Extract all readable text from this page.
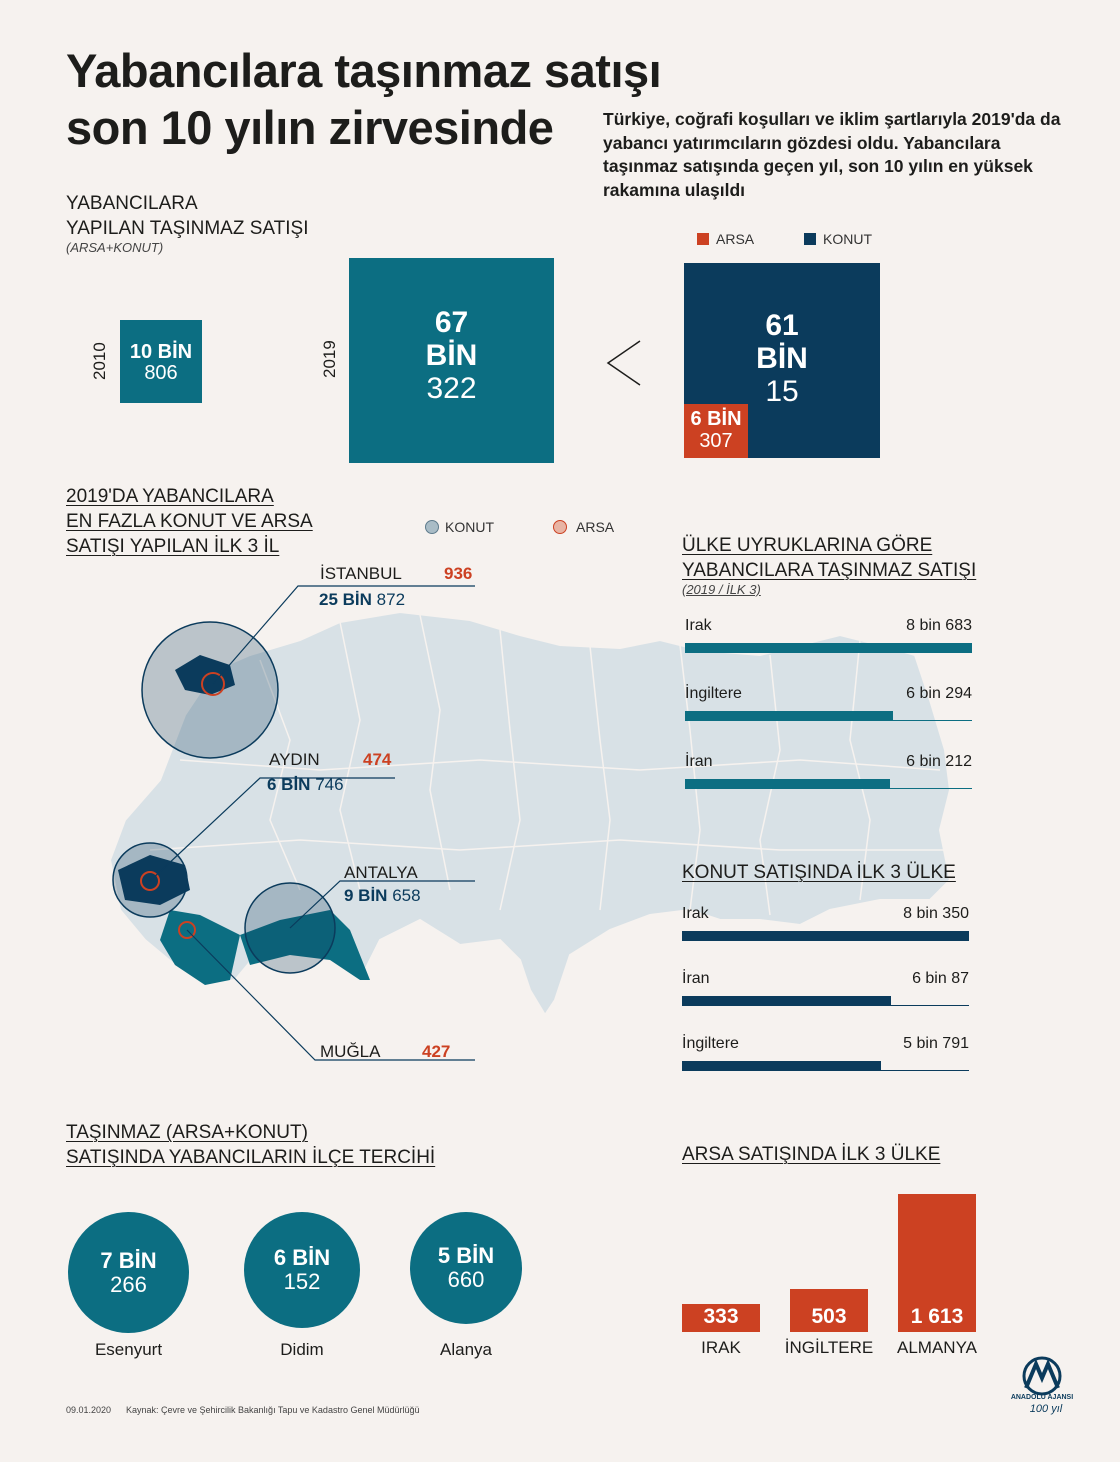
Yabancılara taşınmaz satışı
son 10 yılın zirvesinde	Türkiye, coğrafi koşulları ve iklim şartlarıyla 2019'da da yabancı yatırımcıların gözdesi oldu. Yabancılara taşınmaz satışında geçen yıl, son 10 yılın en yüksek rakamına ulaşıldı
YABANCILARA
YAPILAN TAŞINMAZ SATIŞI
(ARSA+KONUT)
2010	10 BİN
806	2019
67
BİN
322
ARSA	KONUT
61
BİN
15
6 BİN
307
2019'DA YABANCILARA
EN FAZLA KONUT VE ARSA
SATIŞI YAPILAN İLK 3 İL
KONUT	ARSA
İSTANBUL 936
25 BİN 872
AYDIN	474
6 BİN 746
ANTALYA
9 BİN 658
MUĞLA 427
ÜLKE UYRUKLARINA GÖRE
YABANCILARA TAŞINMAZ SATIŞI
(2019 / İLK 3)
Irak	8 bin 683
İngiltere	6 bin 294
İran	6 bin 212
KONUT SATIŞINDA İLK 3 ÜLKE
Irak	8 bin 350
İran	6 bin 87
İngiltere	5 bin 791
ARSA SATIŞINDA İLK 3 ÜLKE
333
IRAK
503
İNGİLTERE
1 613
ALMANYA
TAŞINMAZ (ARSA+KONUT)
SATIŞINDA YABANCILARIN İLÇE TERCİHİ
7 BİN
266
Esenyurt
6 BİN
152
Didim
5 BİN
660
Alanya
09.01.2020 Kaynak: Çevre ve Şehircilik Bakanlığı Tapu ve Kadastro Genel Müdürlüğü
ANADOLU AJANSI
100 yıl
